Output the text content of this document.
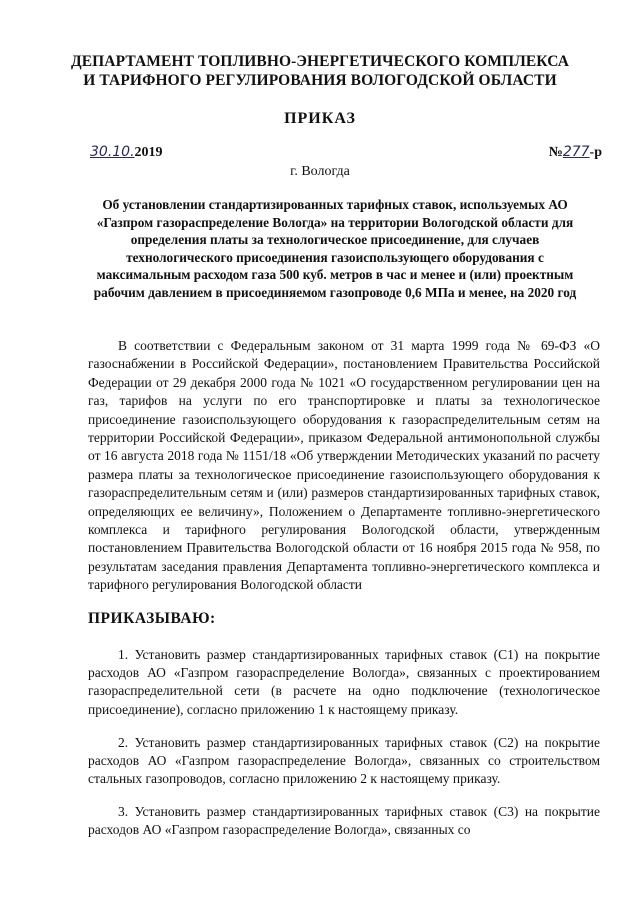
ДЕПАРТАМЕНТ ТОПЛИВНО-ЭНЕРГЕТИЧЕСКОГО КОМПЛЕКСА
И ТАРИФНОГО РЕГУЛИРОВАНИЯ ВОЛОГОДСКОЙ ОБЛАСТИ
ПРИКАЗ
30.10.2019	№277-р
г. Вологда
Об установлении стандартизированных тарифных ставок, используемых АО «Газпром газораспределение Вологда» на территории Вологодской области для определения платы за технологическое присоединение, для случаев технологического присоединения газоиспользующего оборудования с максимальным расходом газа 500 куб. метров в час и менее и (или) проектным рабочим давлением в присоединяемом газопроводе 0,6 МПа и менее, на 2020 год

В соответствии с Федеральным законом от 31 марта 1999 года № 69-ФЗ «О газоснабжении в Российской Федерации», постановлением Правительства Российской Федерации от 29 декабря 2000 года № 1021 «О государственном регулировании цен на газ, тарифов на услуги по его транспортировке и платы за технологическое присоединение газоиспользующего оборудования к газораспределительным сетям на территории Российской Федерации», приказом Федеральной антимонопольной службы от 16 августа 2018 года № 1151/18 «Об утверждении Методических указаний по расчету размера платы за технологическое присоединение газоиспользующего оборудования к газораспределительным сетям и (или) размеров стандартизированных тарифных ставок, определяющих ее величину», Положением о Департаменте топливно-энергетического комплекса и тарифного регулирования Вологодской области, утвержденным постановлением Правительства Вологодской области от 16 ноября 2015 года № 958, по результатам заседания правления Департамента топливно-энергетического комплекса и тарифного регулирования Вологодской области

ПРИКАЗЫВАЮ:

1. Установить размер стандартизированных тарифных ставок (С1) на покрытие расходов АО «Газпром газораспределение Вологда», связанных с проектированием газораспределительной сети (в расчете на одно подключение (технологическое присоединение), согласно приложению 1 к настоящему приказу.

2. Установить размер стандартизированных тарифных ставок (С2) на покрытие расходов АО «Газпром газораспределение Вологда», связанных со строительством стальных газопроводов, согласно приложению 2 к настоящему приказу.

3. Установить размер стандартизированных тарифных ставок (С3) на покрытие расходов АО «Газпром газораспределение Вологда», связанных со
